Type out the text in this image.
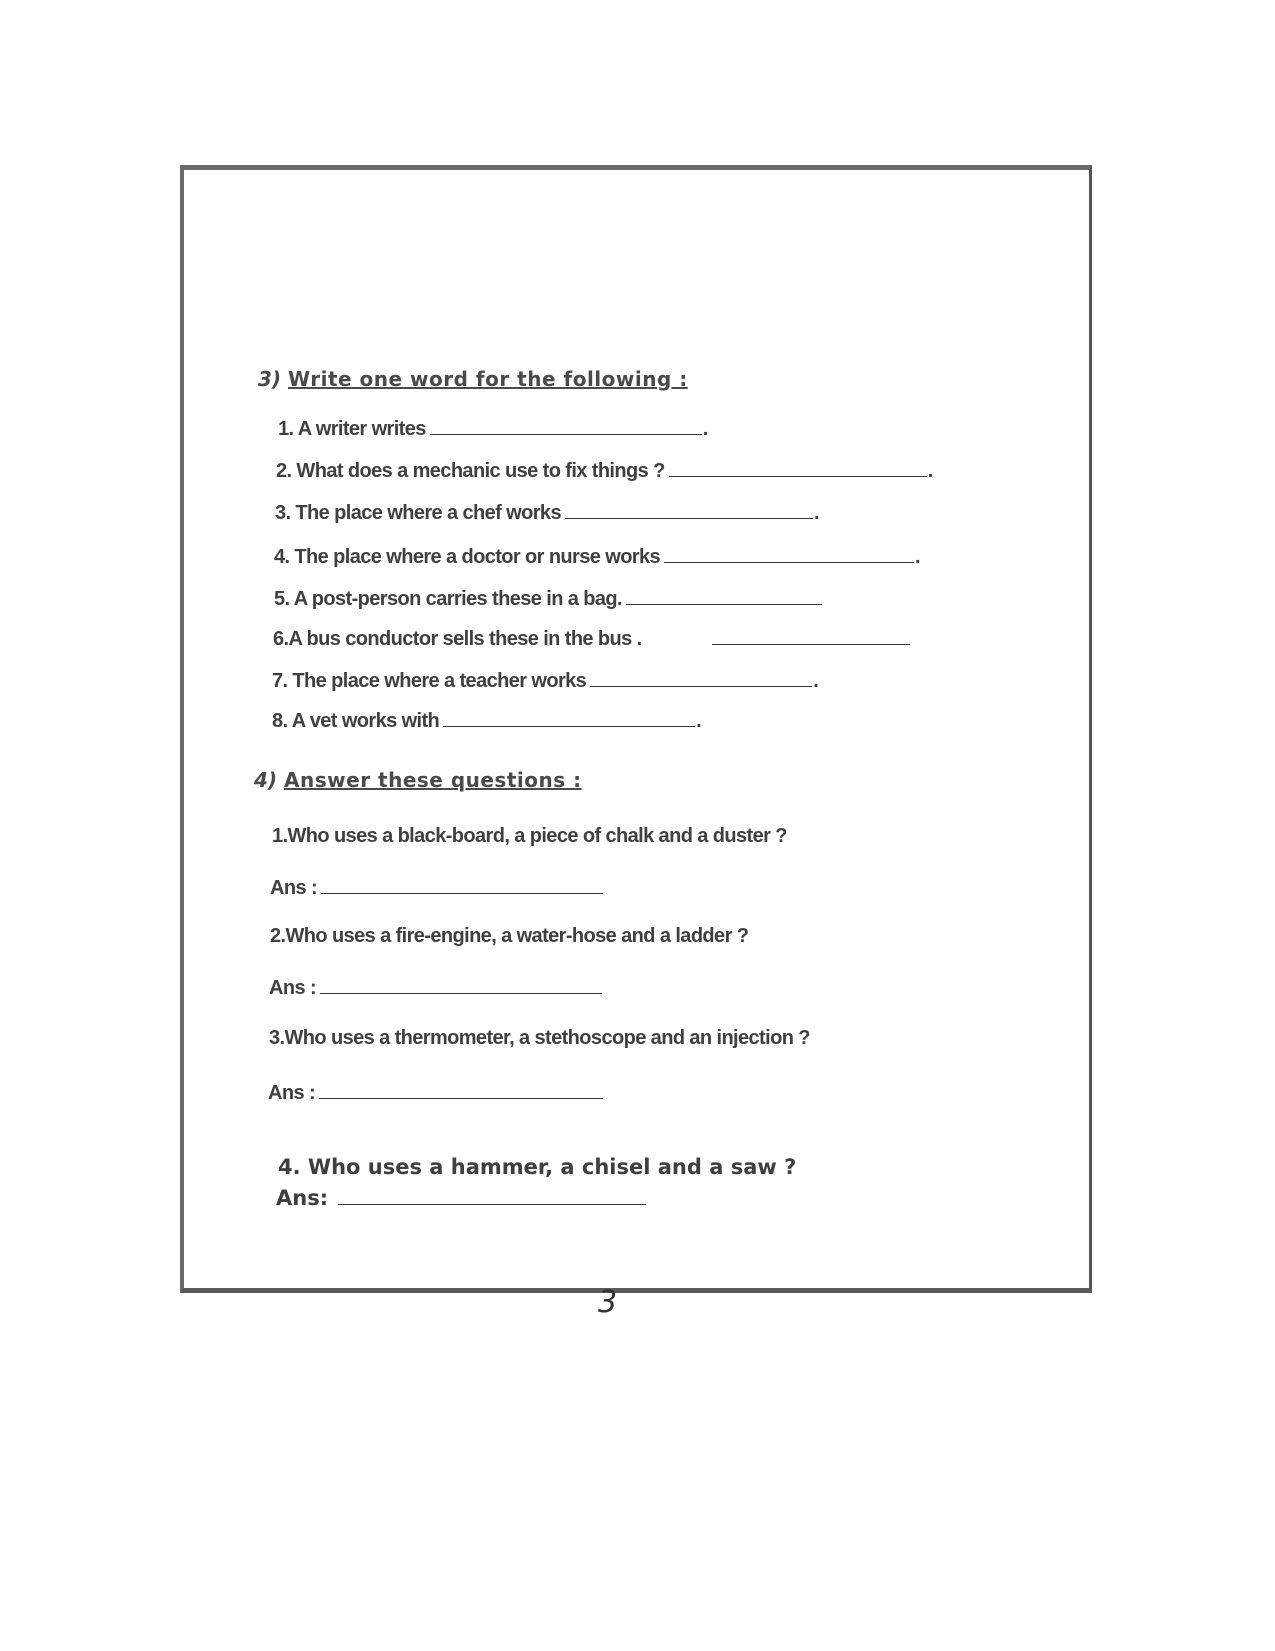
3) Write one word for the following :
1. A writer writes	.
2. What does a mechanic use to fix things ?	.
3. The place where a chef works	.
4. The place where a doctor or nurse works	.
5. A post-person carries these in a bag.
6.A bus conductor sells these in the bus .
7. The place where a teacher works	.
8. A vet works with	.
4) Answer these questions :
1.Who uses a black-board, a piece of chalk and a duster ?
Ans :
2.Who uses a fire-engine, a water-hose and a ladder ?
Ans :
3.Who uses a thermometer, a stethoscope and an injection ?
Ans :
4. Who uses a hammer, a chisel and a saw ?
Ans:
3
